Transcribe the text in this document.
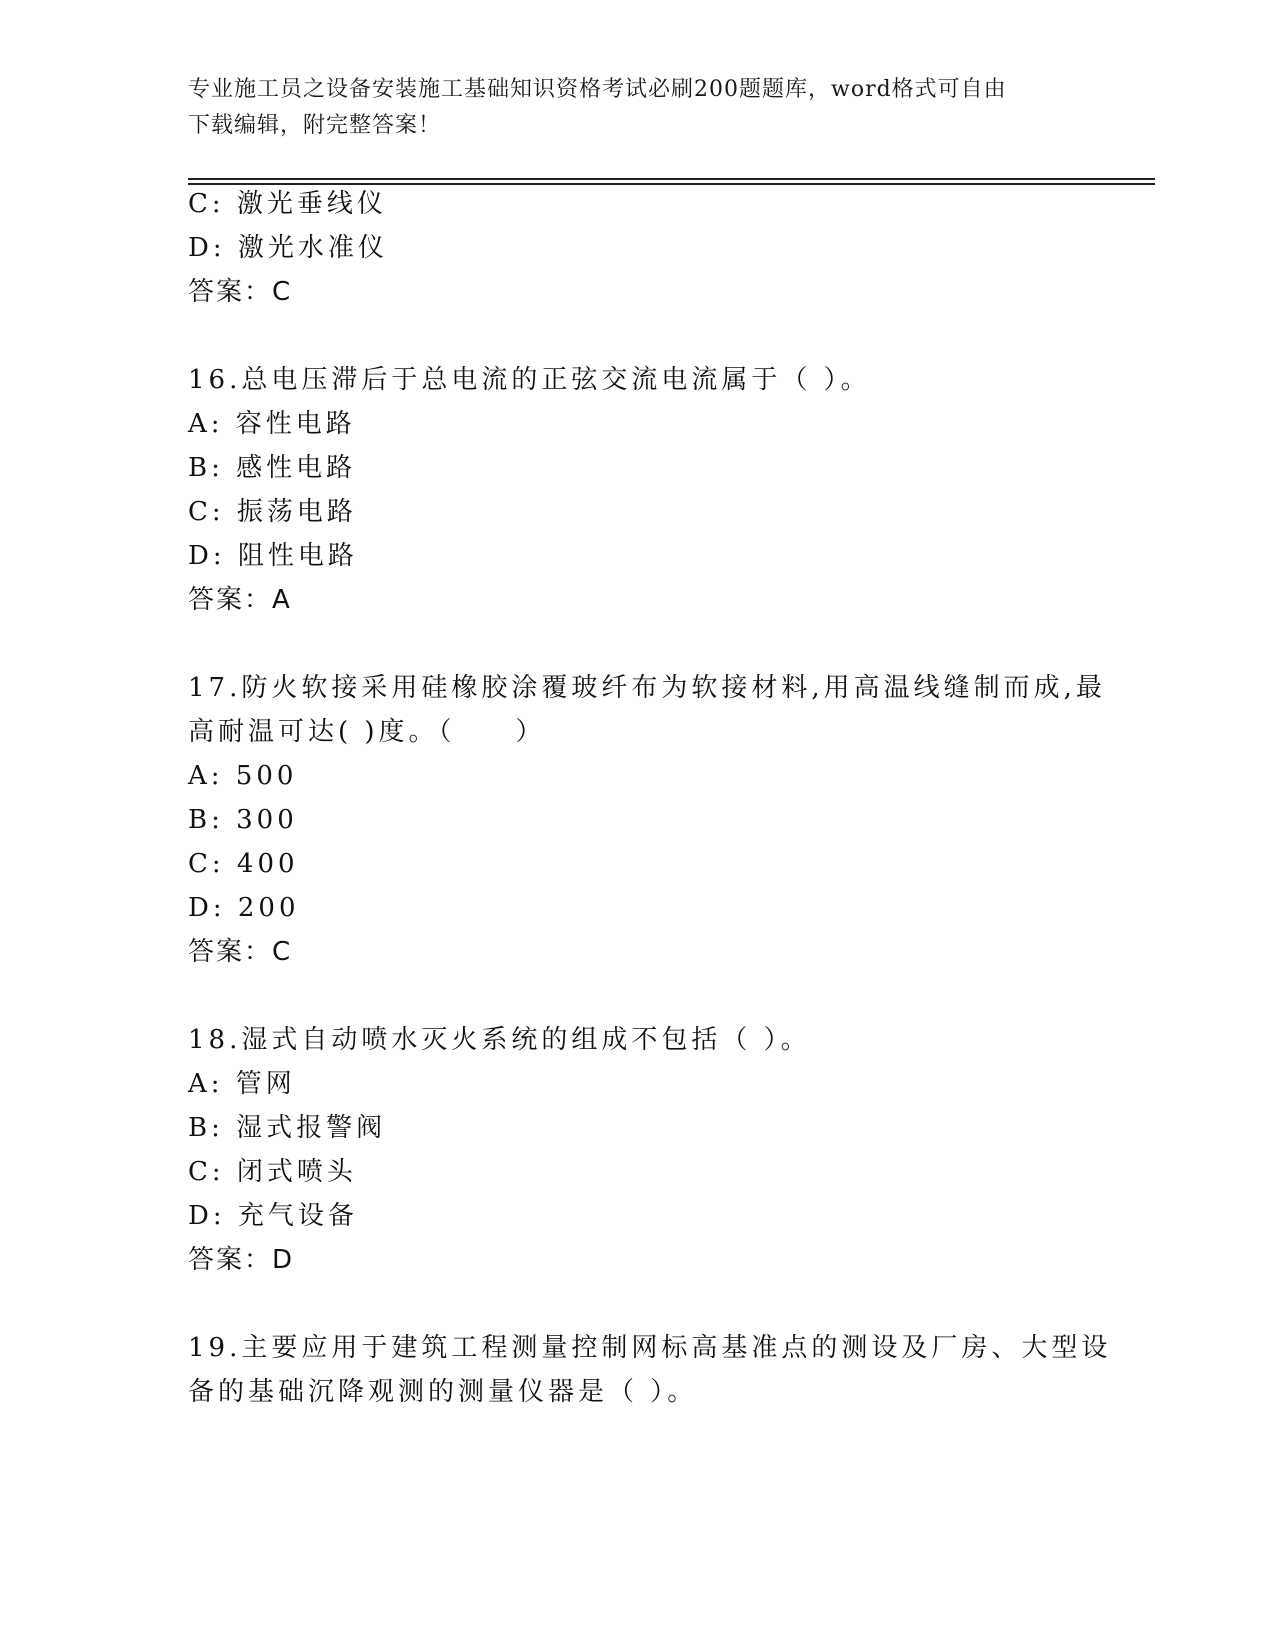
专业施工员之设备安装施工基础知识资格考试必刷200题题库，word格式可自由
下载编辑，附完整答案！
C: 激光垂线仪
D: 激光水准仪
答案：C
16.总电压滞后于总电流的正弦交流电流属于（ ）。
A: 容性电路
B: 感性电路
C: 振荡电路
D: 阻性电路
答案：A
17.防火软接采用硅橡胶涂覆玻纤布为软接材料,用高温线缝制而成,最
高耐温可达( )度。（　　）
A: 500
B: 300
C: 400
D: 200
答案：C
18.湿式自动喷水灭火系统的组成不包括（ ）。
A: 管网
B: 湿式报警阀
C: 闭式喷头
D: 充气设备
答案：D
19.主要应用于建筑工程测量控制网标高基准点的测设及厂房、大型设
备的基础沉降观测的测量仪器是（ ）。
